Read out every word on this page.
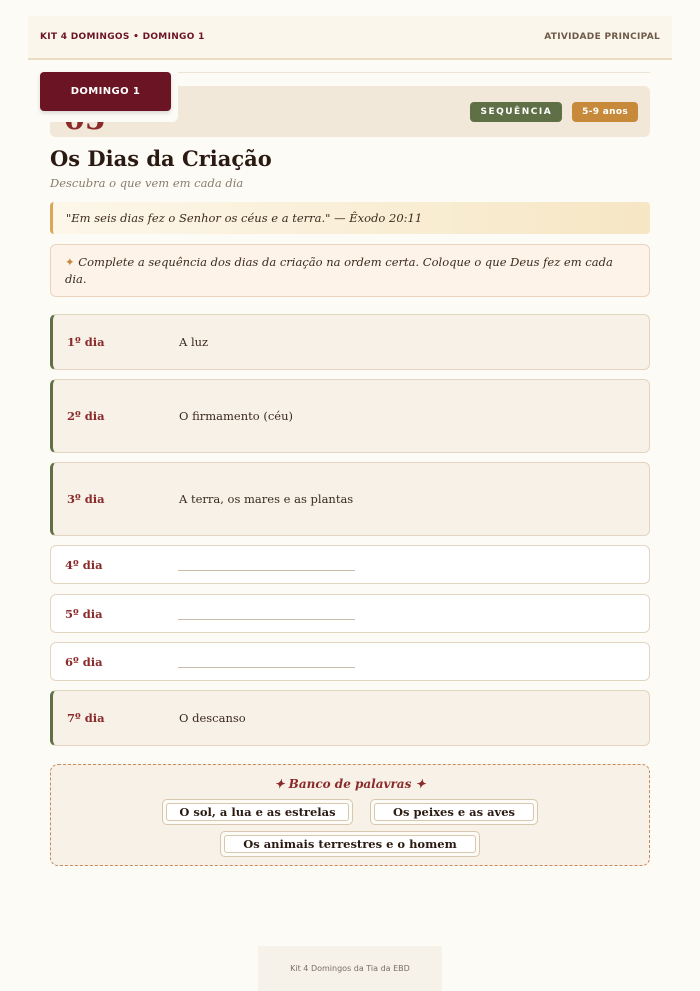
KIT 4 DOMINGOS • DOMINGO 1	ATIVIDADE PRINCIPAL
SEQUÊNCIA	5-9 anos
DOMINGO 1
Os Dias da Criação
Descubra o que vem em cada dia
"Em seis dias fez o Senhor os céus e a terra." — Êxodo 20:11
✦ Complete a sequência dos dias da criação na ordem certa. Coloque o que Deus fez em cada dia.
1º dia	A luz
2º dia	O firmamento (céu)
3º dia	A terra, os mares e as plantas
4º dia
5º dia
6º dia
7º dia	O descanso
✦ Banco de palavras ✦
O sol, a lua e as estrelas	Os peixes e as aves
Os animais terrestres e o homem
Kit 4 Domingos da Tia da EBD
